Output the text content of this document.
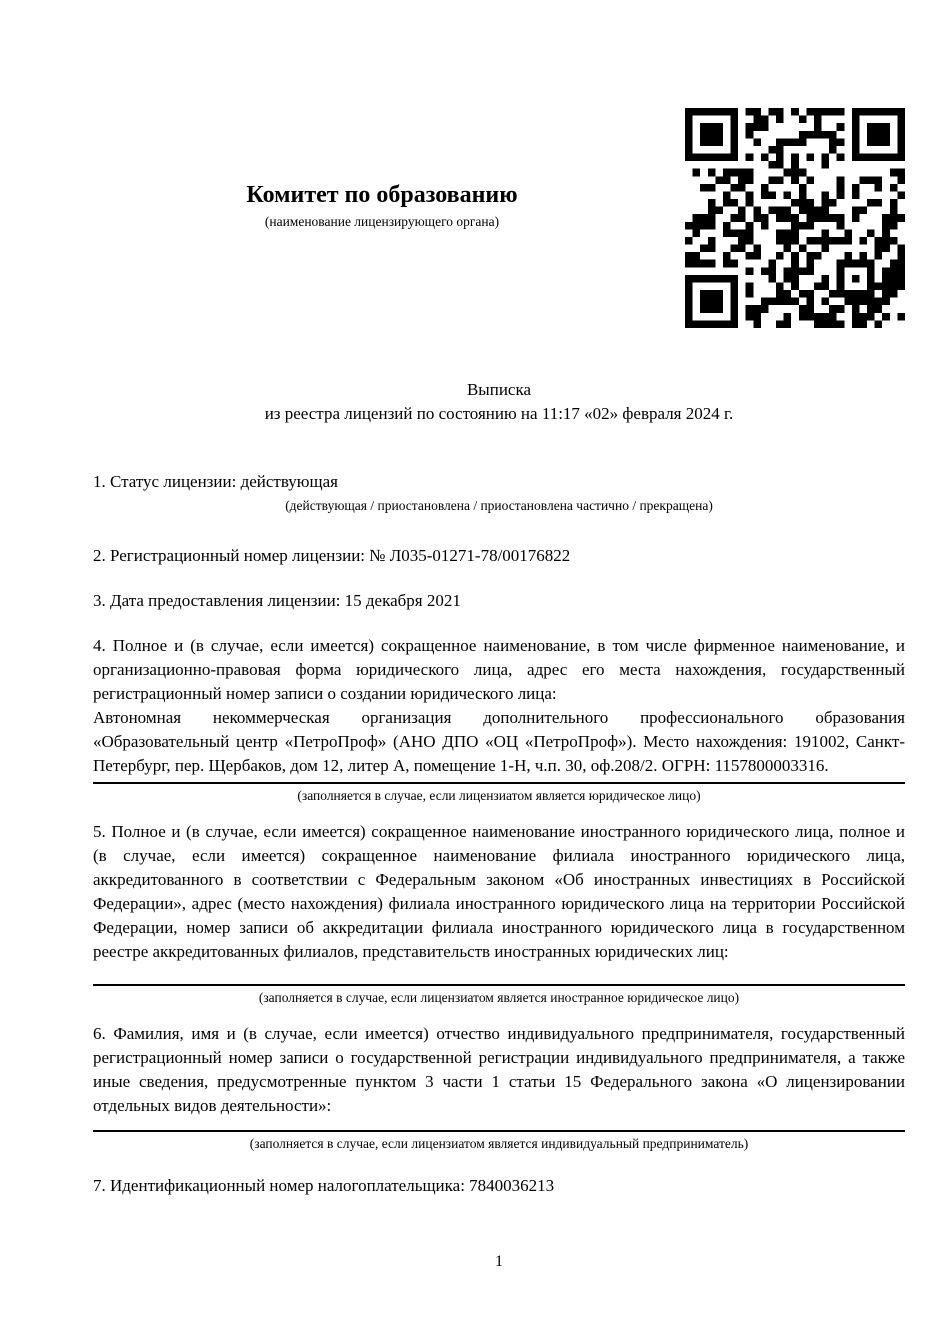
Комитет по образованию
(наименование лицензирующего органа)

Выписка

из реестра лицензий по состоянию на 11:17 «02» февраля 2024 г.

1. Статус лицензии: действующая

(действующая / приостановлена / приостановлена частично / прекращена)

2. Регистрационный номер лицензии: № Л035-01271-78/00176822

3. Дата предоставления лицензии: 15 декабря 2021

4. Полное и (в случае, если имеется) сокращенное наименование, в том числе фирменное наименование, и организационно-правовая форма юридического лица, адрес его места нахождения, государственный регистрационный номер записи о создании юридического лица:

Автономная некоммерческая организация дополнительного профессионального образования «Образовательный центр «ПетроПроф» (АНО ДПО «ОЦ «ПетроПроф»). Место нахождения: 191002, Санкт-Петербург, пер. Щербаков, дом 12, литер А, помещение 1-Н, ч.п. 30, оф.208/2. ОГРН: 1157800003316.

(заполняется в случае, если лицензиатом является юридическое лицо)

5. Полное и (в случае, если имеется) сокращенное наименование иностранного юридического лица, полное и (в случае, если имеется) сокращенное наименование филиала иностранного юридического лица, аккредитованного в соответствии с Федеральным законом «Об иностранных инвестициях в Российской Федерации», адрес (место нахождения) филиала иностранного юридического лица на территории Российской Федерации, номер записи об аккредитации филиала иностранного юридического лица в государственном реестре аккредитованных филиалов, представительств иностранных юридических лиц:

(заполняется в случае, если лицензиатом является иностранное юридическое лицо)

6. Фамилия, имя и (в случае, если имеется) отчество индивидуального предпринимателя, государственный регистрационный номер записи о государственной регистрации индивидуального предпринимателя, а также иные сведения, предусмотренные пунктом 3 части 1 статьи 15 Федерального закона «О лицензировании отдельных видов деятельности»:

(заполняется в случае, если лицензиатом является индивидуальный предприниматель)

7. Идентификационный номер налогоплательщика: 7840036213

1
